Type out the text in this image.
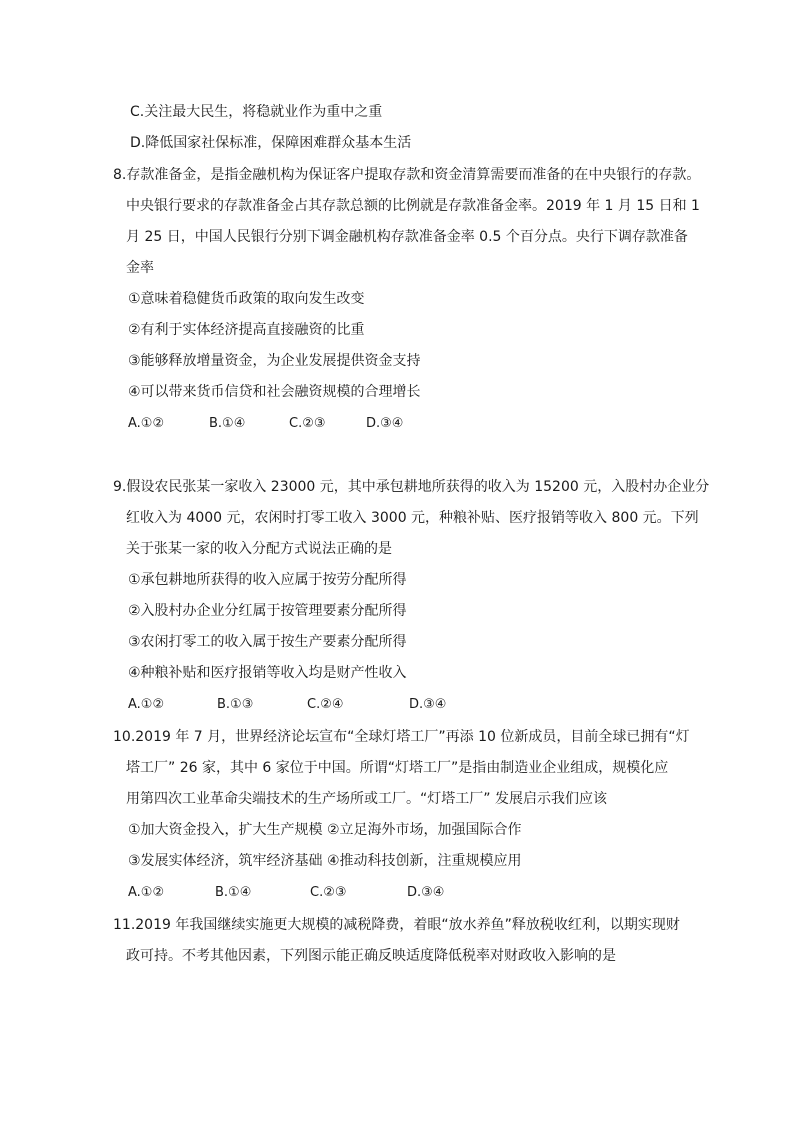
C.关注最大民生，将稳就业作为重中之重
D.降低国家社保标准，保障困难群众基本生活
8.存款准备金，是指金融机构为保证客户提取存款和资金清算需要而准备的在中央银行的存款。
中央银行要求的存款准备金占其存款总额的比例就是存款准备金率。2019 年 1 月 15 日和 1
月 25 日，中国人民银行分别下调金融机构存款准备金率 0.5 个百分点。央行下调存款准备
金率
①意味着稳健货币政策的取向发生改变
②有利于实体经济提高直接融资的比重
③能够释放增量资金，为企业发展提供资金支持
④可以带来货币信贷和社会融资规模的合理增长
A.①②	B.①④	C.②③	D.③④
9.假设农民张某一家收入 23000 元，其中承包耕地所获得的收入为 15200 元，入股村办企业分
红收入为 4000 元，农闲时打零工收入 3000 元，种粮补贴、医疗报销等收入 800 元。下列
关于张某一家的收入分配方式说法正确的是
①承包耕地所获得的收入应属于按劳分配所得
②入股村办企业分红属于按管理要素分配所得
③农闲打零工的收入属于按生产要素分配所得
④种粮补贴和医疗报销等收入均是财产性收入
A.①②	B.①③	C.②④	D.③④
10.2019 年 7 月，世界经济论坛宣布“全球灯塔工厂”再添 10 位新成员，目前全球已拥有“灯
塔工厂” 26 家，其中 6 家位于中国。所谓“灯塔工厂”是指由制造业企业组成，规模化应
用第四次工业革命尖端技术的生产场所或工厂。“灯塔工厂” 发展启示我们应该
①加大资金投入，扩大生产规模 ②立足海外市场，加强国际合作
③发展实体经济，筑牢经济基础 ④推动科技创新，注重规模应用
A.①②	B.①④	C.②③	D.③④
11.2019 年我国继续实施更大规模的减税降费，着眼“放水养鱼”释放税收红利，以期实现财
政可持。不考其他因素，下列图示能正确反映适度降低税率对财政收入影响的是
